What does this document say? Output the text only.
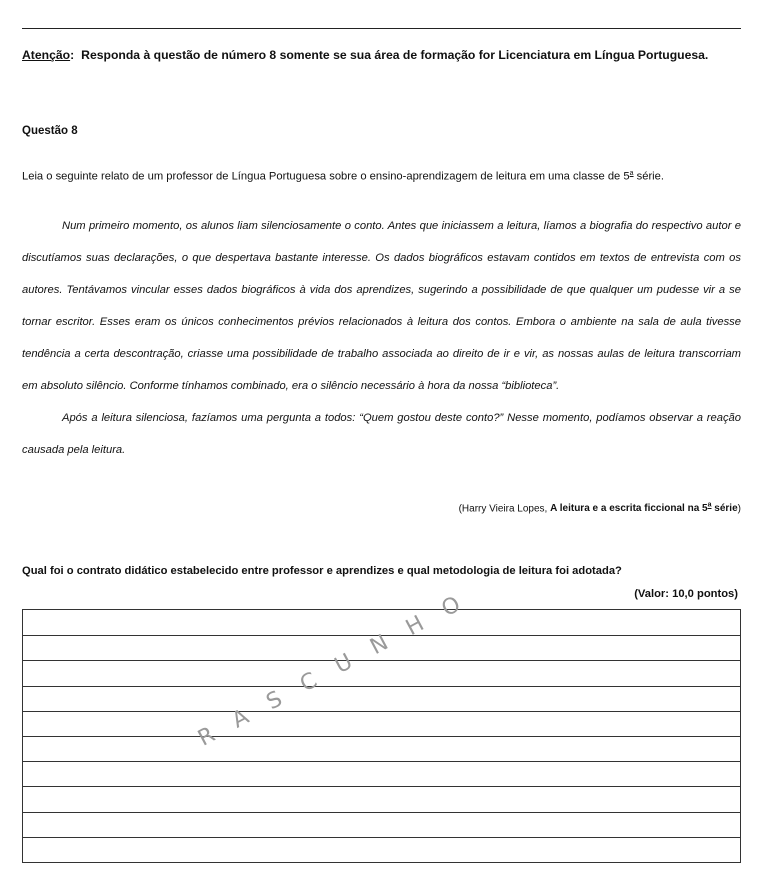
Atenção : Responda à questão de número 8 somente se sua área de formação for Licenciatura em Língua Portuguesa.
Questão 8
Leia o seguinte relato de um professor de Língua Portuguesa sobre o ensino-aprendizagem de leitura em uma classe de 5$^a$ série.

Num primeiro momento, os alunos liam silenciosamente o conto. Antes que iniciassem a leitura, líamos a biografia do respectivo autor e discutíamos suas declarações, o que despertava bastante interesse. Os dados biográficos estavam contidos em textos de entrevista com os autores. Tentávamos vincular esses dados biográficos à vida dos aprendizes, sugerindo a possibilidade de que qualquer um pudesse vir a se tornar escritor. Esses eram os únicos conhecimentos prévios relacionados à leitura dos contos. Embora o ambiente na sala de aula tivesse tendência a certa descontração, criasse uma possibilidade de trabalho associada ao direito de ir e vir, as nossas aulas de leitura transcorriam em absoluto silêncio. Conforme tínhamos combinado, era o silêncio necessário à hora da nossa “biblioteca”.

Após a leitura silenciosa, fazíamos uma pergunta a todos: “Quem gostou deste conto?” Nesse momento, podíamos observar a reação causada pela leitura.

(Harry Vieira Lopes, A leitura e a escrita ficcional na 5$^a$ série)
Qual foi o contrato didático estabelecido entre professor e aprendizes e qual metodologia de leitura foi adotada?
(Valor: 10,0 pontos)
RASCUNHO
